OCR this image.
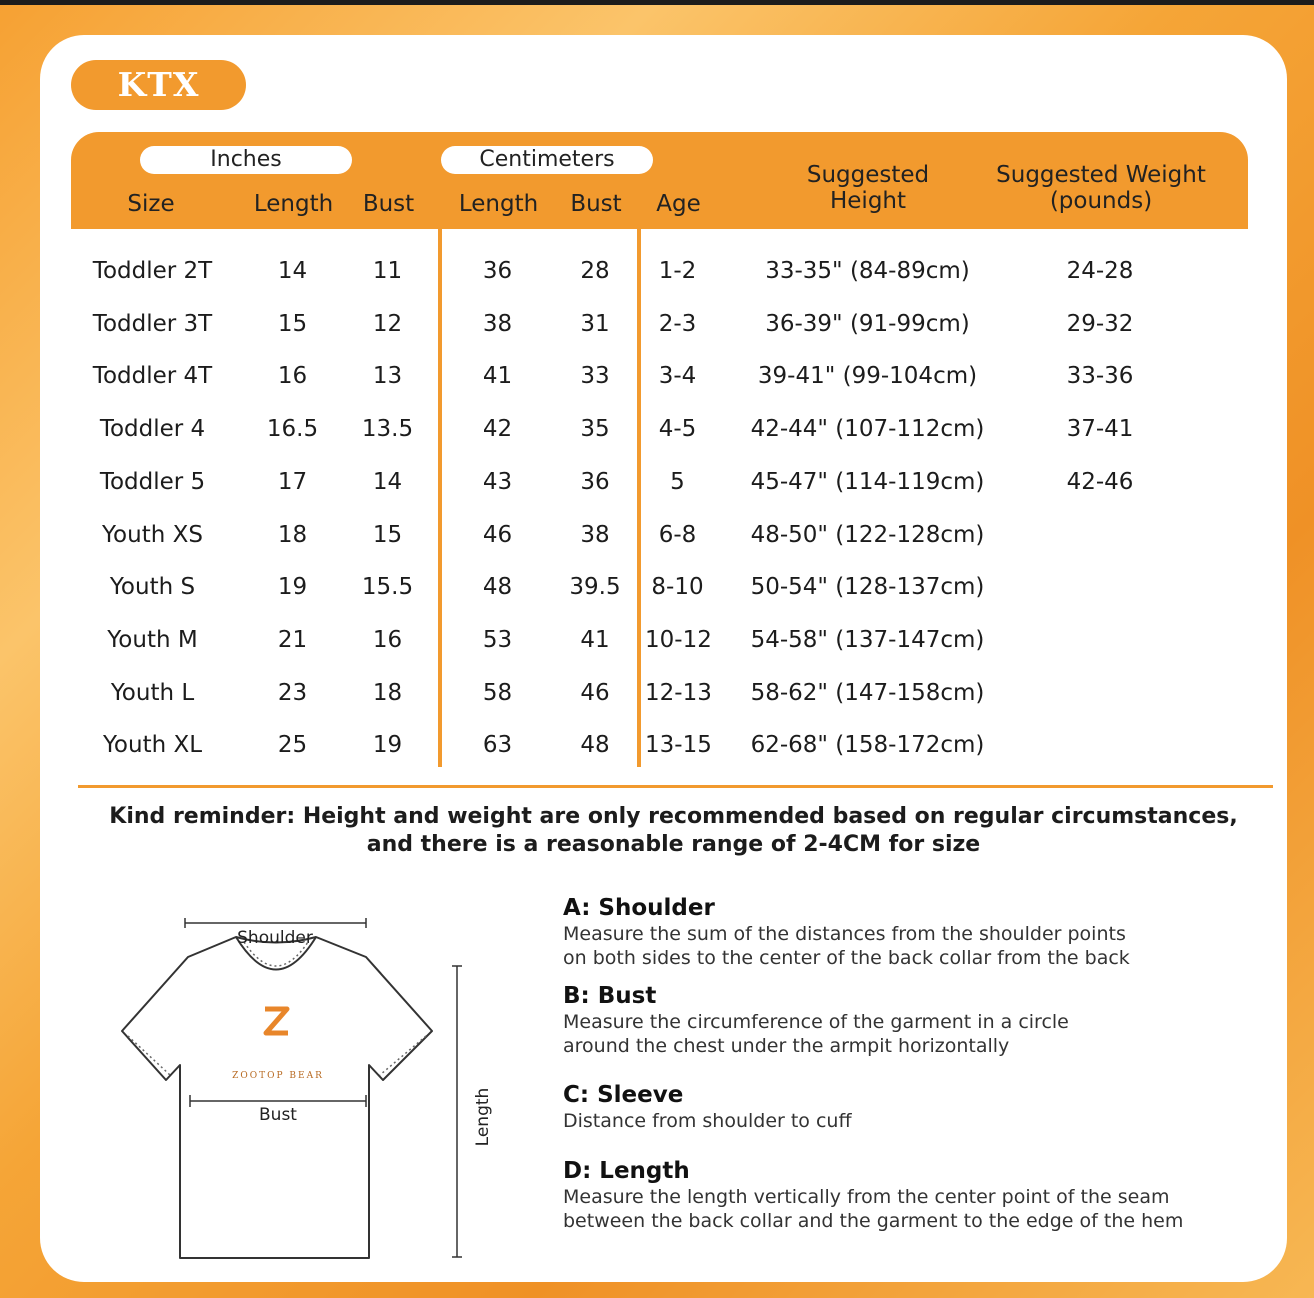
KTX
Inches	Centimeters
Size	Length	Bust	Length	Bust	Age
Suggested Height
Suggested Weight (pounds)
Toddler 2T	14	11	36	28	1-2	33-35" (84-89cm)	24-28
Toddler 3T	15	12	38	31	2-3	36-39" (91-99cm)	29-32
Toddler 4T	16	13	41	33	3-4	39-41" (99-104cm)	33-36
Toddler 4	16.5	13.5	42	35	4-5	42-44" (107-112cm)	37-41
Toddler 5	17	14	43	36	5	45-47" (114-119cm)	42-46
Youth XS	18	15	46	38	6-8	48-50" (122-128cm)
Youth S	19	15.5	48	39.5	8-10	50-54" (128-137cm)
Youth M	21	16	53	41	10-12	54-58" (137-147cm)
Youth L	23	18	58	46	12-13	58-62" (147-158cm)
Youth XL	25	19	63	48	13-15	62-68" (158-172cm)
Kind reminder: Height and weight are only recommended based on regular circumstances,
and there is a reasonable range of 2-4CM for size
Shoulder
ZOOTOP BEAR
Bust	Length
A: Shoulder
Measure the sum of the distances from the shoulder points
on both sides to the center of the back collar from the back
B: Bust
Measure the circumference of the garment in a circle
around the chest under the armpit horizontally
C: Sleeve
Distance from shoulder to cuff
D: Length
Measure the length vertically from the center point of the seam
between the back collar and the garment to the edge of the hem
